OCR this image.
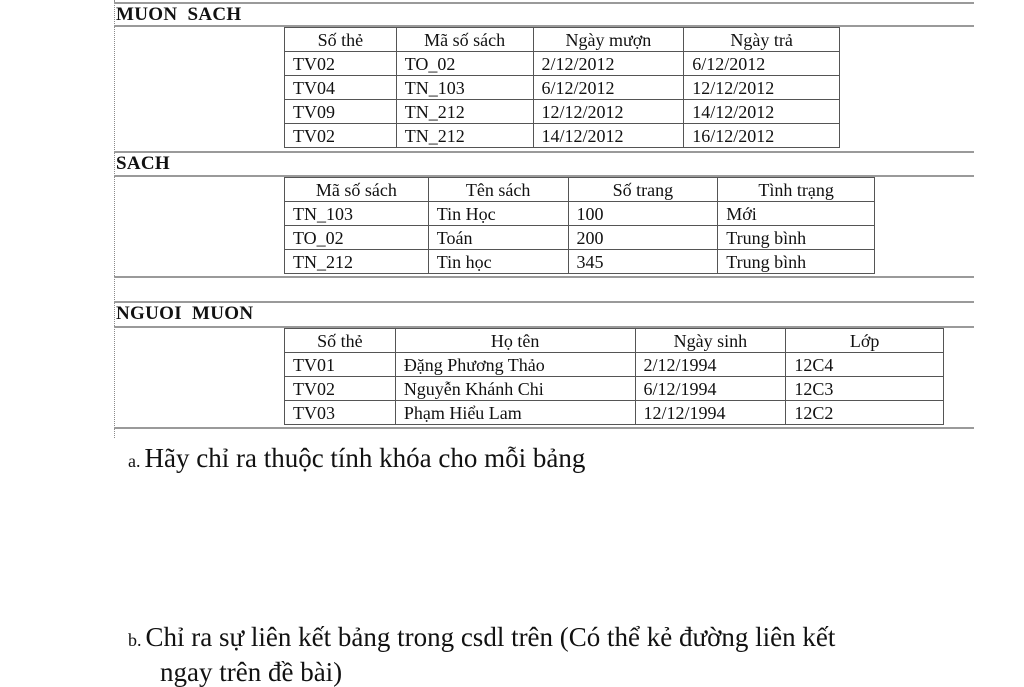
MUON  SACH
Số thẻ	Mã số sách	Ngày mượn	Ngày trả
TV02	TO_02	2/12/2012	6/12/2012
TV04	TN_103	6/12/2012	12/12/2012
TV09	TN_212	12/12/2012	14/12/2012
TV02	TN_212	14/12/2012	16/12/2012
SACH
Mã số sách	Tên sách	Số trang	Tình trạng
TN_103	Tin Học	100	Mới
TO_02	Toán	200	Trung bình
TN_212	Tin học	345	Trung bình
NGUOI  MUON
Số thẻ	Họ tên	Ngày sinh	Lớp
TV01	Đặng Phương Thảo	2/12/1994	12C4
TV02	Nguyễn Khánh Chi	6/12/1994	12C3
TV03	Phạm Hiểu Lam	12/12/1994	12C2
a. Hãy chỉ ra thuộc tính khóa cho mỗi bảng
b. Chỉ ra sự liên kết bảng trong csdl trên (Có thể kẻ đường liên kết
ngay trên đề bài)
